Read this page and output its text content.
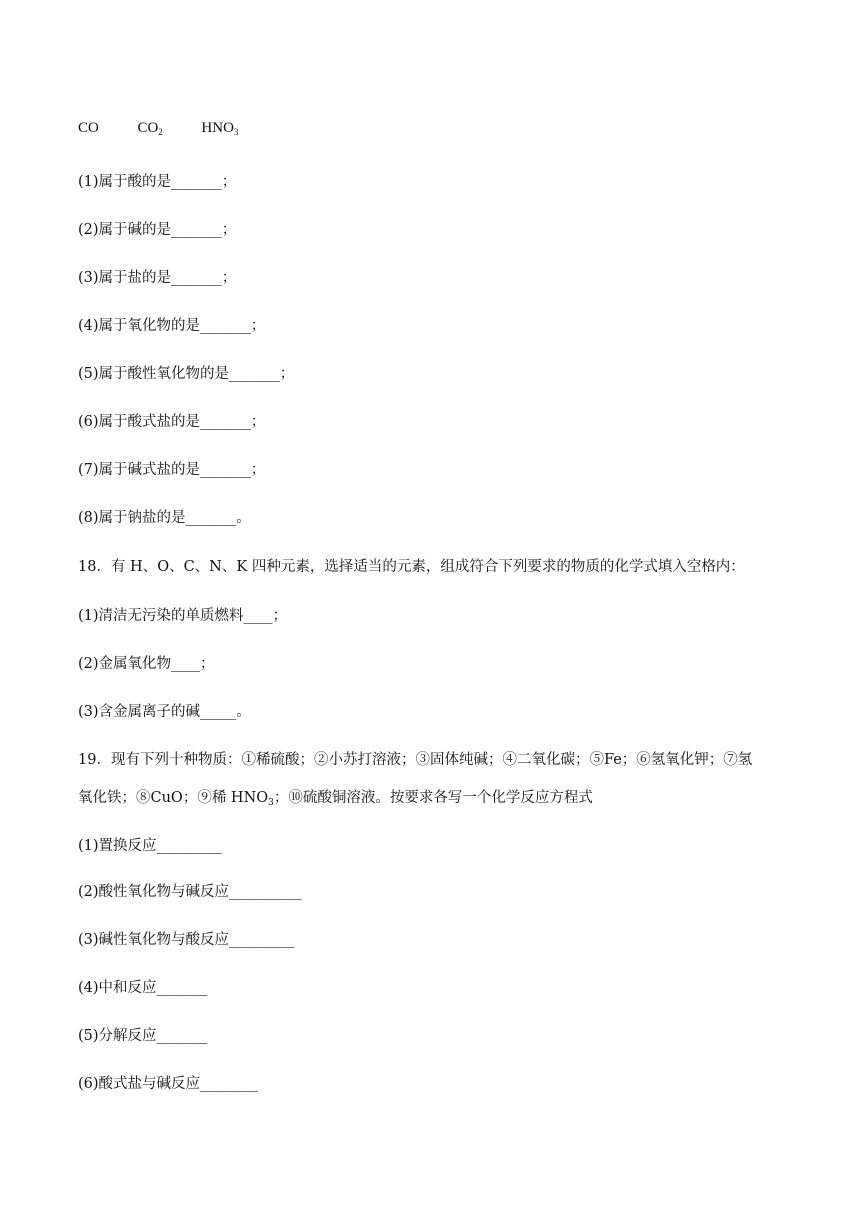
CO	$CO_2$	$HNO_3$
(1)属于酸的是_______；
(2)属于碱的是_______；
(3)属于盐的是_______；
(4)属于氧化物的是_______；
(5)属于酸性氧化物的是_______；
(6)属于酸式盐的是_______；
(7)属于碱式盐的是_______；
(8)属于钠盐的是_______。
18．有 H、O、C、N、K 四种元素，选择适当的元素，组成符合下列要求的物质的化学式填入空格内：
(1)清洁无污染的单质燃料____；
(2)金属氧化物____；
(3)含金属离子的碱_____。
19．现有下列十种物质：①稀硫酸；②小苏打溶液；③固体纯碱；④二氧化碳；⑤Fe；⑥氢氧化钾；⑦氢
氧化铁；⑧CuO；⑨稀 $HNO_3$；⑩硫酸铜溶液。按要求各写一个化学反应方程式
(1)置换反应_________
(2)酸性氧化物与碱反应__________
(3)碱性氧化物与酸反应_________
(4)中和反应_______
(5)分解反应_______
(6)酸式盐与碱反应________
